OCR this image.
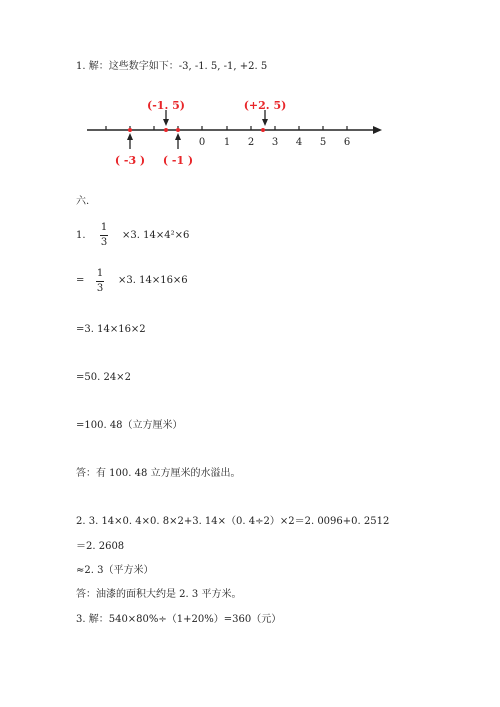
1. 解：这些数字如下：-3, -1. 5, -1, +2. 5
0 1 2 3 4 5 6
(-1. 5)	(+2. 5)
( -3 ) ( -1 )
六.
1.
1
3
×3. 14×4²×6
=
1
3
×3. 14×16×6
=3. 14×16×2
=50. 24×2
=100. 48（立方厘米）
答：有 100. 48 立方厘米的水溢出。
2. 3. 14×0. 4×0. 8×2+3. 14×（0. 4÷2）×2＝2. 0096+0. 2512
＝2. 2608
≈2. 3（平方米）
答：油漆的面积大约是 2. 3 平方米。
3. 解：540×80%÷（1+20%）=360（元）
